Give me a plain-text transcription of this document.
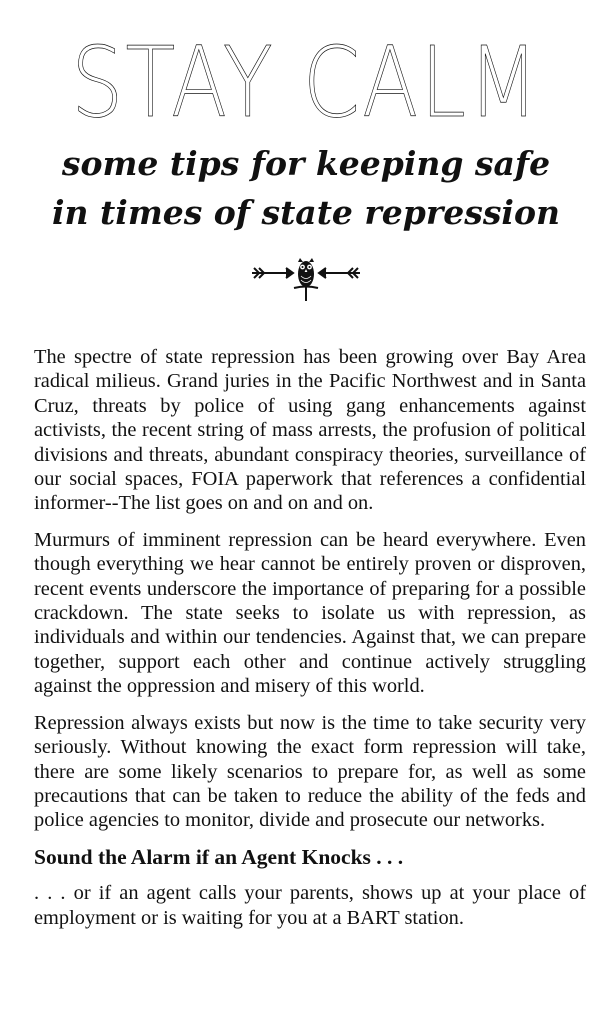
STAY CALM
some tips for keeping safe
in times of state repression

The spectre of state repression has been growing over Bay Area radical milieus. Grand juries in the Pacific Northwest and in Santa Cruz, threats by police of using gang enhancements against activists, the recent string of mass arrests, the profusion of political divisions and threats, abundant conspiracy theories, surveillance of our social spaces, FOIA paperwork that references a confidential informer--The list goes on and on and on.

Murmurs of imminent repression can be heard everywhere. Even though everything we hear cannot be entirely proven or disproven, recent events underscore the importance of preparing for a possible crackdown. The state seeks to isolate us with repression, as individuals and within our tendencies. Against that, we can prepare together, support each other and continue actively struggling against the oppression and misery of this world.

Repression always exists but now is the time to take security very seriously. Without knowing the exact form repression will take, there are some likely scenarios to prepare for, as well as some precautions that can be taken to reduce the ability of the feds and police agencies to monitor, divide and prosecute our networks.

Sound the Alarm if an Agent Knocks . . .

. . . or if an agent calls your parents, shows up at your place of employment or is waiting for you at a BART station.
